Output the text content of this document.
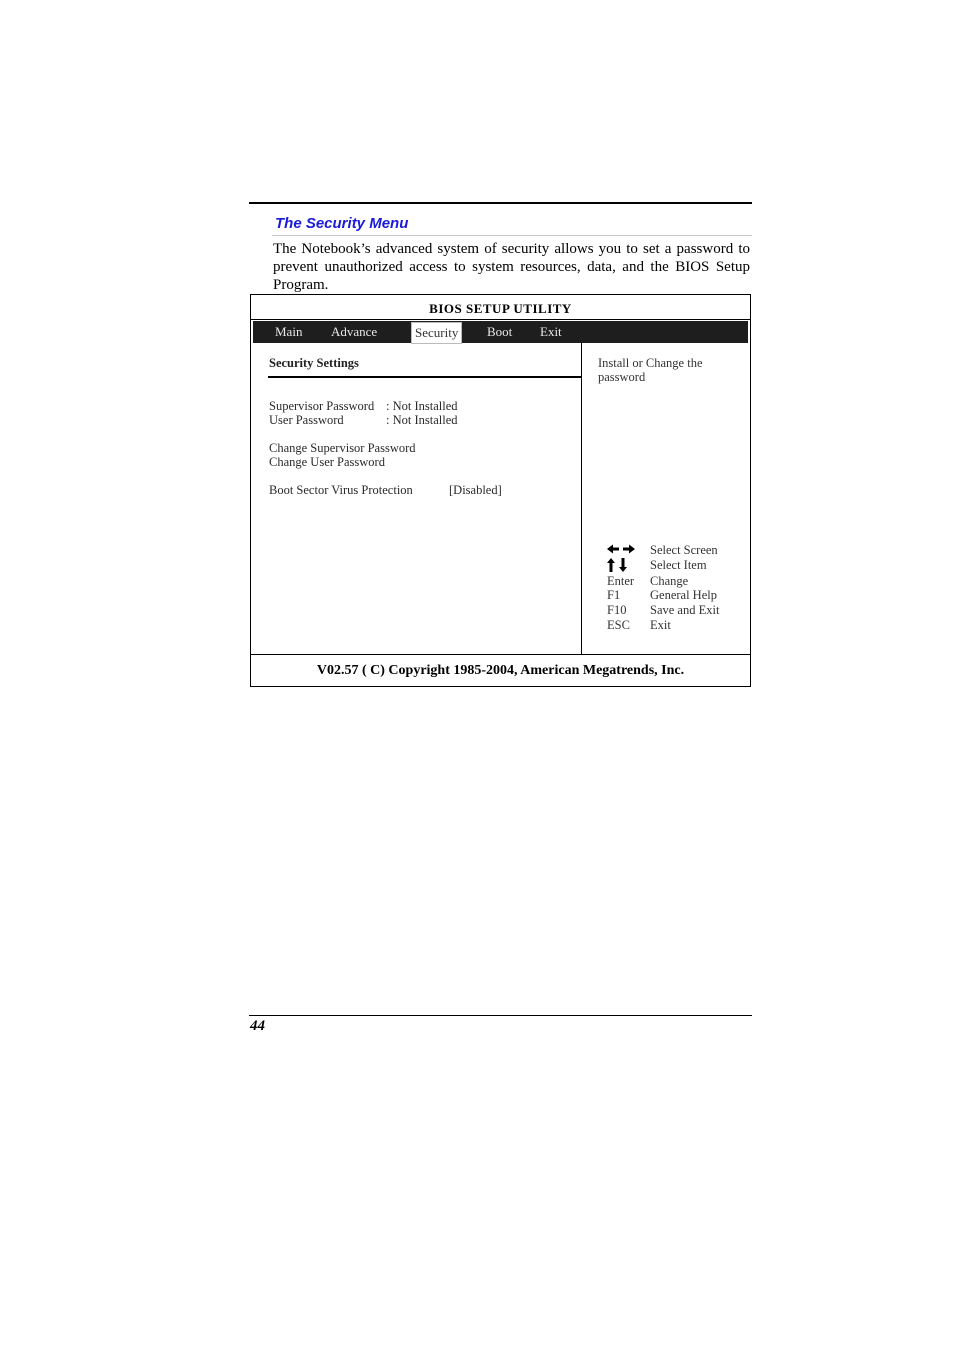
The Security Menu
The Notebook’s advanced system of security allows you to set a password to prevent unauthorized access to system resources, data, and the BIOS Setup Program.
BIOS SETUP UTILITY
Main Advance	Security	Boot Exit
Security Settings
Supervisor Password : Not Installed
User Password	: Not Installed
Change Supervisor Password
Change User Password
Boot Sector Virus Protection	[Disabled]
Install or Change the password
Select Screen
Select Item
Enter	Change
F1	General Help
F10	Save and Exit
ESC	Exit
V02.57 ( C) Copyright 1985-2004, American Megatrends, Inc.
44
